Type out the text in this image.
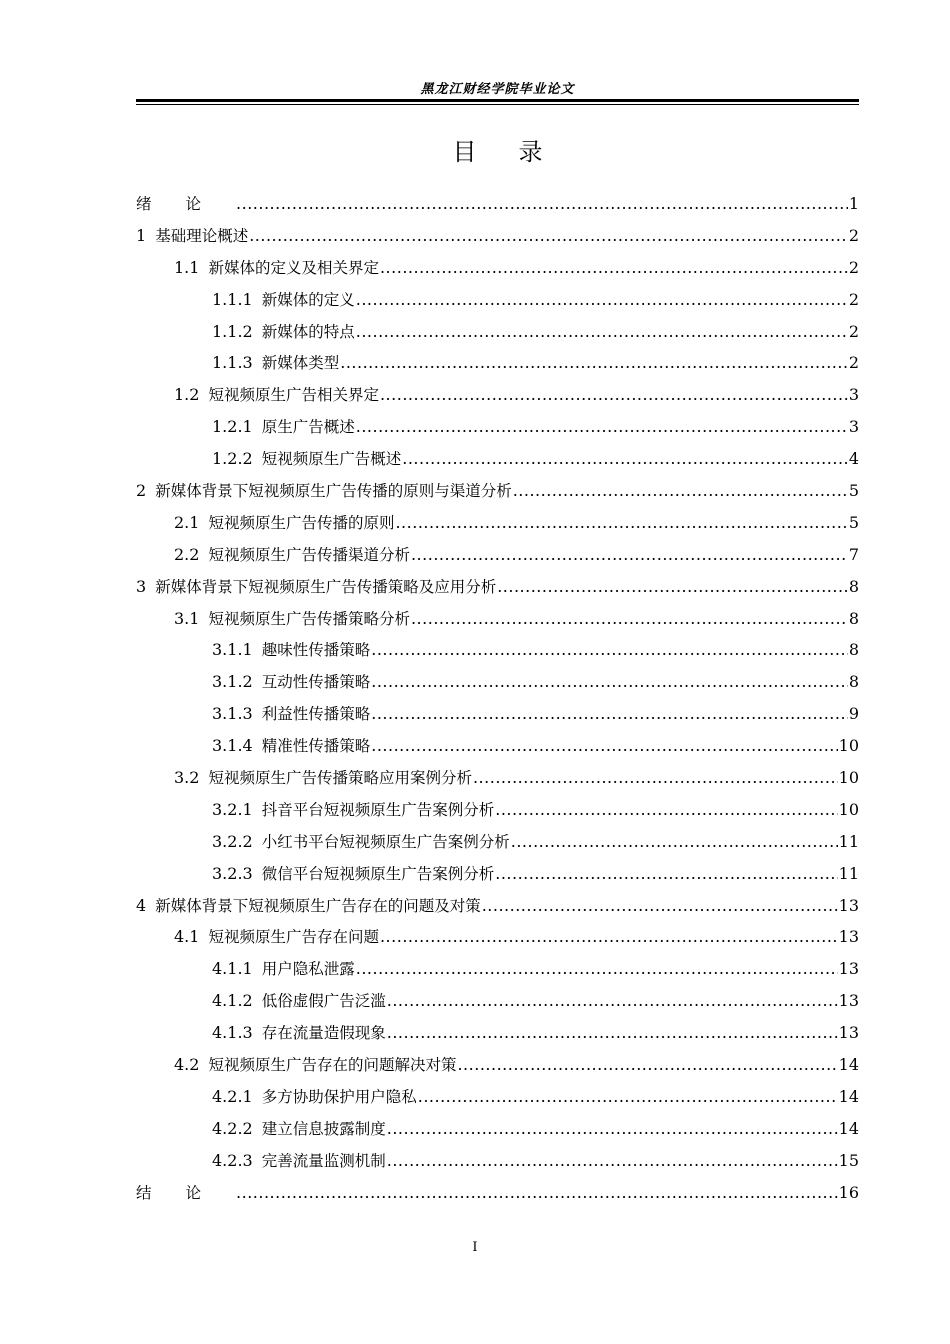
黑龙江财经学院毕业论文
目录
绪论 .....	1
1 基础理论概述 .....	2
1.1 新媒体的定义及相关界定 .....	2
1.1.1 新媒体的定义 .....	2
1.1.2 新媒体的特点 .....	2
1.1.3 新媒体类型 .....	2
1.2 短视频原生广告相关界定 .....	3
1.2.1 原生广告概述 .....	3
1.2.2 短视频原生广告概述 .....	4
2 新媒体背景下短视频原生广告传播的原则与渠道分析 .....	5
2.1 短视频原生广告传播的原则 .....	5
2.2 短视频原生广告传播渠道分析 .....	7
3 新媒体背景下短视频原生广告传播策略及应用分析 .....	8
3.1 短视频原生广告传播策略分析 .....	8
3.1.1 趣味性传播策略 .....	8
3.1.2 互动性传播策略 .....	8
3.1.3 利益性传播策略 .....	9
3.1.4 精准性传播策略 .....	10
3.2 短视频原生广告传播策略应用案例分析 .....	10
3.2.1 抖音平台短视频原生广告案例分析 .....	10
3.2.2 小红书平台短视频原生广告案例分析 .....	11
3.2.3 微信平台短视频原生广告案例分析 .....	11
4 新媒体背景下短视频原生广告存在的问题及对策 .....	13
4.1 短视频原生广告存在问题 .....	13
4.1.1 用户隐私泄露 .....	13
4.1.2 低俗虚假广告泛滥 .....	13
4.1.3 存在流量造假现象 .....	13
4.2 短视频原生广告存在的问题解决对策 .....	14
4.2.1 多方协助保护用户隐私 .....	14
4.2.2 建立信息披露制度 .....	14
4.2.3 完善流量监测机制 .....	15
结论 .....	16
I
